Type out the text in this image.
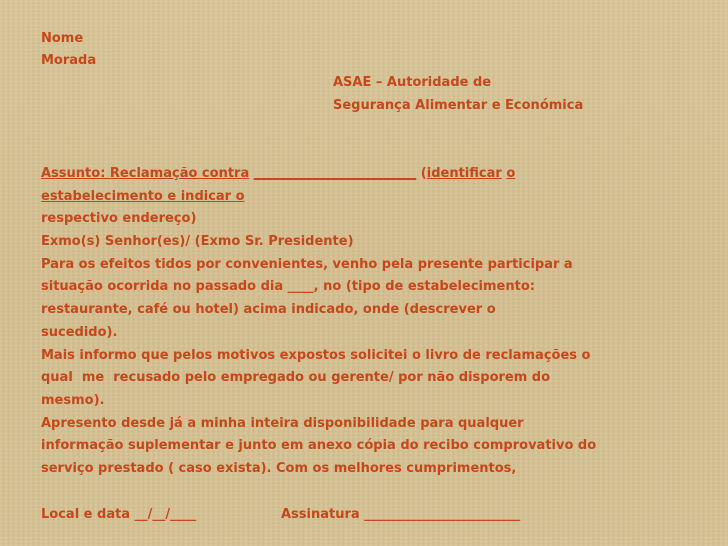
Nome
Morada
ASAE – Autoridade de
Segurança Alimentar e Económica
Assunto: Reclamação contra _________________________ (identificar o
estabelecimento e indicar o
respectivo endereço)
Exmo(s) Senhor(es)/ (Exmo Sr. Presidente)
Para os efeitos tidos por convenientes, venho pela presente participar a
situação ocorrida no passado dia ____, no (tipo de estabelecimento:
restaurante, café ou hotel) acima indicado, onde (descrever o
sucedido).
Mais informo que pelos motivos expostos solicitei o livro de reclamações o
qual  me  recusado pelo empregado ou gerente/ por não disporem do
mesmo).
Apresento desde já a minha inteira disponibilidade para qualquer
informação suplementar e junto em anexo cópia do recibo comprovativo do
serviço prestado ( caso exista). Com os melhores cumprimentos,
Local e data __/__/____	Assinatura ________________________
